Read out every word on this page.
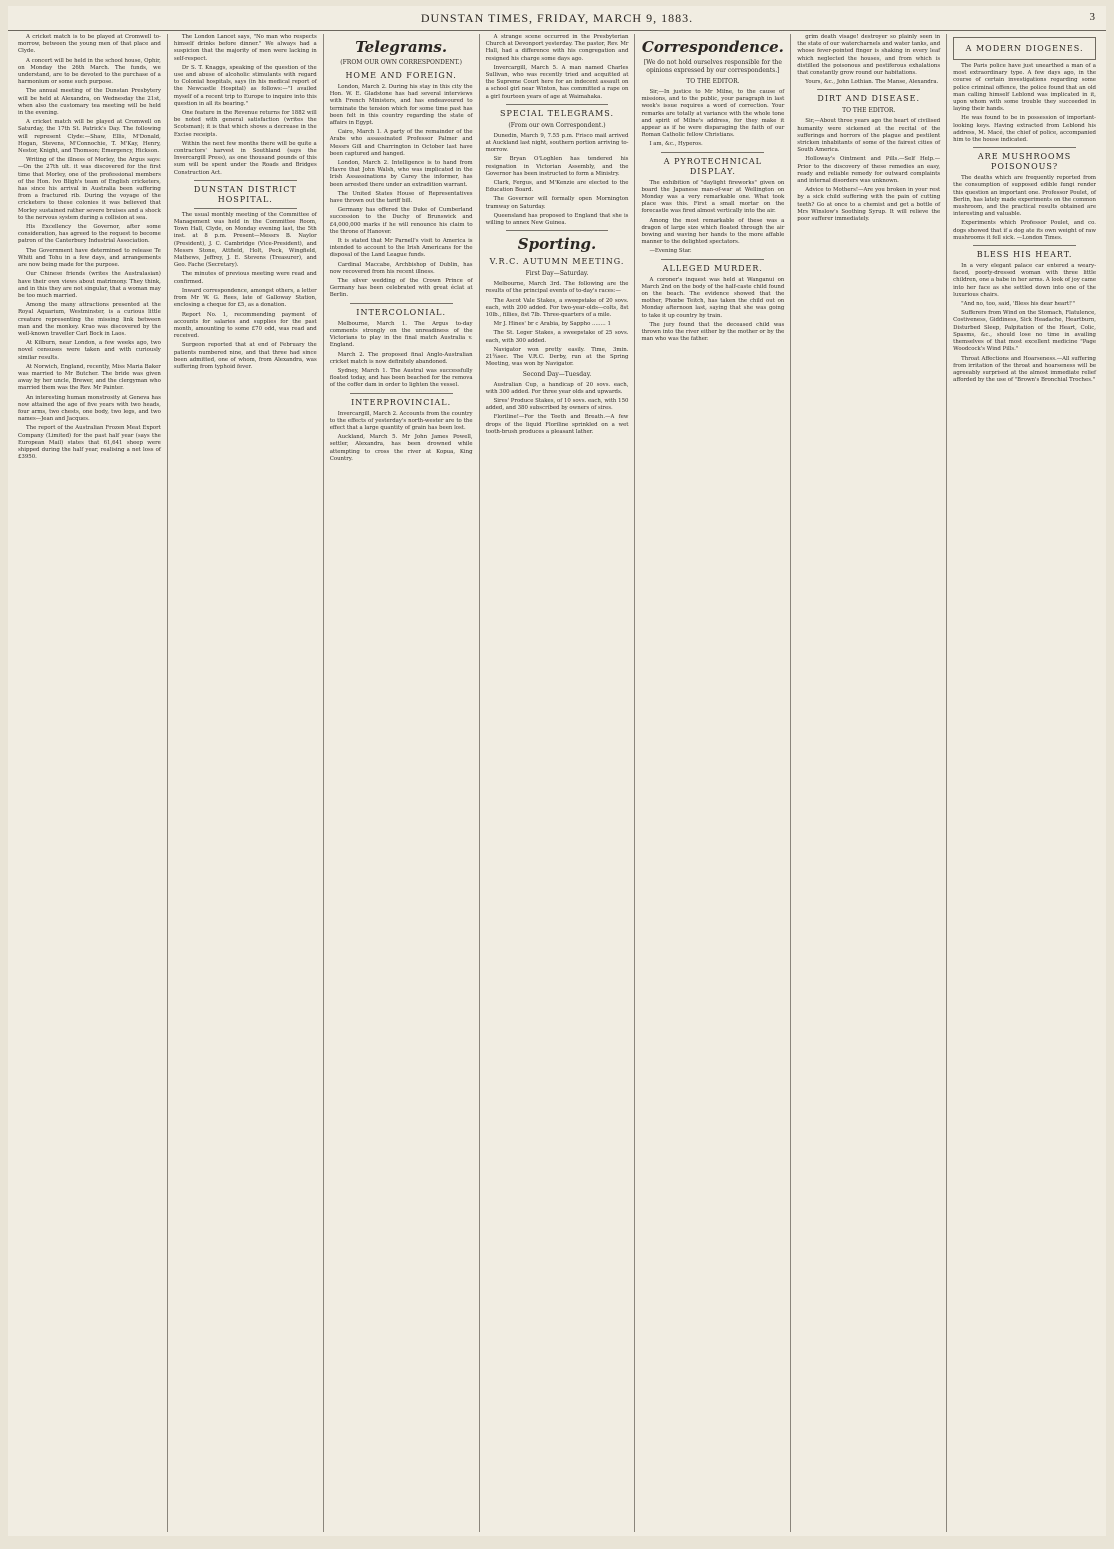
DUNSTAN TIMES, FRIDAY, MARCH 9, 1883.	3

A cricket match is to be played at Cromwell to-morrow, between the young men of that place and Clyde.

A concert will be held in the school house, Ophir, on Monday the 26th March. The funds, we understand, are to be devoted to the purchase of a harmonium or some such purpose.

The annual meeting of the Dunstan Presbytery will be held at Alexandra, on Wednesday the 21st, when also the customary tea meeting will be held in the evening.

A cricket match will be played at Cromwell on Saturday, the 17th St. Patrick's Day. The following will represent Clyde:—Shaw, Ellis, M'Donald, Hogan, Stevens, M'Connochie, T. M'Kay, Henry, Nestor, Knight, and Thomson; Emergency, Hickson.

Writing of the illness of Morley, the Argus says:—On the 27th ult. it was discovered for the first time that Morley, one of the professional members of the Hon. Ivo Bligh's team of English cricketers, has since his arrival in Australia been suffering from a fractured rib. During the voyage of the cricketers to these colonies it was believed that Morley sustained rather severe bruises and a shock to the nervous system during a collision at sea.

His Excellency the Governor, after some consideration, has agreed to the request to become patron of the Canterbury Industrial Association.

The Government have determined to release Te Whiti and Tohu in a few days, and arrangements are now being made for the purpose.

Our Chinese friends (writes the Australasian) have their own views about matrimony. They think, and in this they are not singular, that a woman may be too much married.

Among the many attractions presented at the Royal Aquarium, Westminster, is a curious little creature representing the missing link between man and the monkey. Krao was discovered by the well-known traveller Carl Bock in Laos.

At Kilburn, near London, a few weeks ago, two novel censuses were taken and with curiously similar results.

At Norwich, England, recently, Miss Maria Baker was married to Mr Butcher. The bride was given away by her uncle, Brewer, and the clergyman who married them was the Rev. Mr Painter.

An interesting human monstrosity at Geneva has now attained the age of five years with two heads, four arms, two chests, one body, two legs, and two names—Jean and Jacques.

The report of the Australian Frozen Meat Export Company (Limited) for the past half year (says the European Mail) states that 61,641 sheep were shipped during the half year, realising a net loss of £3950.

The London Lancet says, "No man who respects himself drinks before dinner." We always had a suspicion that the majority of men were lacking in self-respect.

Dr S. T. Knaggs, speaking of the question of the use and abuse of alcoholic stimulants with regard to Colonial hospitals, says (in his medical report of the Newcastle Hospital) as follows:—"I availed myself of a recent trip to Europe to inquire into this question in all its bearing."

One feature in the Revenue returns for 1882 will be noted with general satisfaction (writes the Scotsman); it is that which shows a decrease in the Excise receipts.

Within the next few months there will be quite a contractors' harvest in Southland (says the Invercargill Press), as one thousand pounds of this sum will be spent under the Roads and Bridges Construction Act.

DUNSTAN DISTRICT HOSPITAL.

The usual monthly meeting of the Committee of Management was held in the Committee Room, Town Hall, Clyde, on Monday evening last, the 5th inst. at 8 p.m. Present—Messrs B. Naylor (President), J. C. Cambridge (Vice-President), and Messrs Stone, Attfield, Holt, Peck, Wingfield, Mathews, Jeffrey, J. E. Stevens (Treasurer), and Geo. Fache (Secretary).

The minutes of previous meeting were read and confirmed.

Inward correspondence, amongst others, a letter from Mr W. G. Rees, late of Galloway Station, enclosing a cheque for £5, as a donation.

Report No. 1, recommending payment of accounts for salaries and supplies for the past month, amounting to some £70 odd, was read and received.

Surgeon reported that at end of February the patients numbered nine, and that three had since been admitted, one of whom, from Alexandra, was suffering from typhoid fever.

Telegrams.
(FROM OUR OWN CORRESPONDENT.)
HOME AND FOREIGN.

London, March 2. During his stay in this city the Hon. W. E. Gladstone has had several interviews with French Ministers, and has endeavoured to terminate the tension which for some time past has been felt in this country regarding the state of affairs in Egypt.

Cairo, March 1. A party of the remainder of the Arabs who assassinated Professor Palmer and Messrs Gill and Charrington in October last have been captured and hanged.

London, March 2. Intelligence is to hand from Havre that John Walsh, who was implicated in the Irish Assassinations by Carey the informer, has been arrested there under an extradition warrant.

The United States House of Representatives have thrown out the tariff bill.

Germany has offered the Duke of Cumberland succession to the Duchy of Brunswick and £4,000,000 marks if he will renounce his claim to the throne of Hanover.

It is stated that Mr Parnell's visit to America is intended to account to the Irish Americans for the disposal of the Land League funds.

Cardinal Maccabe, Archbishop of Dublin, has now recovered from his recent illness.

The silver wedding of the Crown Prince of Germany has been celebrated with great éclat at Berlin.

INTERCOLONIAL.

Melbourne, March 1. The Argus to-day comments strongly on the unreadiness of the Victorians to play in the final match Australia v. England.

March 2. The proposed final Anglo-Australian cricket match is now definitely abandoned.

Sydney, March 1. The Austral was successfully floated today, and has been beached for the remova of the coffer dam in order to lighten the vessel.

INTERPROVINCIAL.

Invercargill, March 2. Accounts from the country to the effects of yesterday's north-wester are to the effect that a large quantity of grain has been lost.

Auckland, March 5. Mr John James Powell, settler, Alexandra, has been drowned while attempting to cross the river at Kopua, King Country.

A strange scene occurred in the Presbyterian Church at Devonport yesterday. The pastor, Rev. Mr Hall, had a difference with his congregation and resigned his charge some days ago.

Invercargill, March 5. A man named Charles Sullivan, who was recently tried and acquitted at the Supreme Court here for an indecent assault on a school girl near Winton, has committed a rape on a girl fourteen years of age at Waimahaka.

SPECIAL TELEGRAMS.
(From our own Correspondent.)

Dunedin, March 9, 7.55 p.m. Frisco mail arrived at Auckland last night, southern portion arriving to-morrow.

Sir Bryan O'Loghlen has tendered his resignation in Victorian Assembly, and the Governor has been instructed to form a Ministry.

Clark, Fergus, and M'Kenzie are elected to the Education Board.

The Governor will formally open Mornington tramway on Saturday.

Queensland has proposed to England that she is willing to annex New Guinea.

Sporting.
V.R.C. AUTUMN MEETING.
First Day—Saturday.

Melbourne, March 3rd. The following are the results of the principal events of to-day's races:—

The Ascot Vale Stakes, a sweepstake of 20 sovs. each, with 200 added. For two-year-olds—colts, 8st 10lb., fillies, 8st 7lb. Three-quarters of a mile.

Mr J. Hines' br c Arabia, by Sappho ........ 1

The St. Leger Stakes, a sweepstake of 25 sovs. each, with 300 added.

Navigator won pretty easily. Time, 3min. 21¾sec. The V.R.C. Derby, run at the Spring Meeting, was won by Navigator.

Second Day—Tuesday.

Australian Cup, a handicap of 20 sovs. each, with 300 added. For three year olds and upwards.

Sires' Produce Stakes, of 10 sovs. each, with 150 added, and 380 subscribed by owners of sires.

Floriline!—For the Teeth and Breath.—A few drops of the liquid Floriline sprinkled on a wet tooth-brush produces a pleasant lather.

Correspondence.
[We do not hold ourselves responsible for the opinions expressed by our correspondents.]
TO THE EDITOR.

Sir,—In justice to Mr Milne, to the cause of missions, and to the public, your paragraph in last week's issue requires a word of correction. Your remarks are totally at variance with the whole tone and spirit of Milne's address, for they make it appear as if he were disparaging the faith of our Roman Catholic fellow Christians.

I am, &c., Hyperos.

A PYROTECHNICAL DISPLAY.

The exhibition of "daylight fireworks" given on board the Japanese man-of-war at Wellington on Monday was a very remarkable one. What took place was this. First a small mortar on the forecastle was fired almost vertically into the air.

Among the most remarkable of these was a dragon of large size which floated through the air bowing and waving her hands to the more affable manner to the delighted spectators.

—Evening Star.

ALLEGED MURDER.

A coroner's inquest was held at Wanganui on March 2nd on the body of the half-caste child found on the beach. The evidence showed that the mother, Phœbe Teitch, has taken the child out on Monday afternoon last, saying that she was going to take it up country by train.

The jury found that the deceased child was thrown into the river either by the mother or by the man who was the father.

grim death visage! destroyer so plainly seen in the state of our watercharnels and water tanks, and whose fever-pointed finger is shaking in every leaf which neglected the houses, and from which is distilled the poisonous and pestiferous exhalations that constantly grow round our habitations.

Yours, &c., John Lothian. The Manse, Alexandra.

DIRT AND DISEASE.
TO THE EDITOR.

Sir,—About three years ago the heart of civilised humanity were sickened at the recital of the sufferings and horrors of the plague and pestilent stricken inhabitants of some of the fairest cities of South America.

Holloway's Ointment and Pills.—Self Help.—Prior to the discovery of these remedies an easy, ready and reliable remedy for outward complaints and internal disorders was unknown.

Advice to Mothers!—Are you broken in your rest by a sick child suffering with the pain of cutting teeth? Go at once to a chemist and get a bottle of Mrs Winslow's Soothing Syrup. It will relieve the poor sufferer immediately.

A MODERN DIOGENES.

The Paris police have just unearthed a man of a most extraordinary type. A few days ago, in the course of certain investigations regarding some police criminal offence, the police found that an old man calling himself Leblond was implicated in it, upon whom with some trouble they succeeded in laying their hands.

He was found to be in possession of important-looking keys. Having extracted from Leblond his address, M. Macé, the chief of police, accompanied him to the house indicated.

ARE MUSHROOMS POISONOUS?

The deaths which are frequently reported from the consumption of supposed edible fungi render this question an important one. Professor Poulet, of Berlin, has lately made experiments on the common mushroom, and the practical results obtained are interesting and valuable.

Experiments which Professor Poulet, and co. dogs showed that if a dog ate its own weight of raw mushrooms it fell sick. —London Times.

BLESS HIS HEART.

In a very elegant palace car entered a weary-faced, poorly-dressed woman with three little children, one a babe in her arms. A look of joy came into her face as she settled down into one of the luxurious chairs.

"And no, too, said, 'Bless his dear heart!'"

Sufferers from Wind on the Stomach, Flatulence, Costiveness, Giddiness, Sick Headache, Heartburn, Disturbed Sleep, Palpitation of the Heart, Colic, Spasms, &c., should lose no time in availing themselves of that most excellent medicine "Page Woodcock's Wind Pills."

Throat Affections and Hoarseness.—All suffering from irritation of the throat and hoarseness will be agreeably surprised at the almost immediate relief afforded by the use of "Brown's Bronchial Troches."
